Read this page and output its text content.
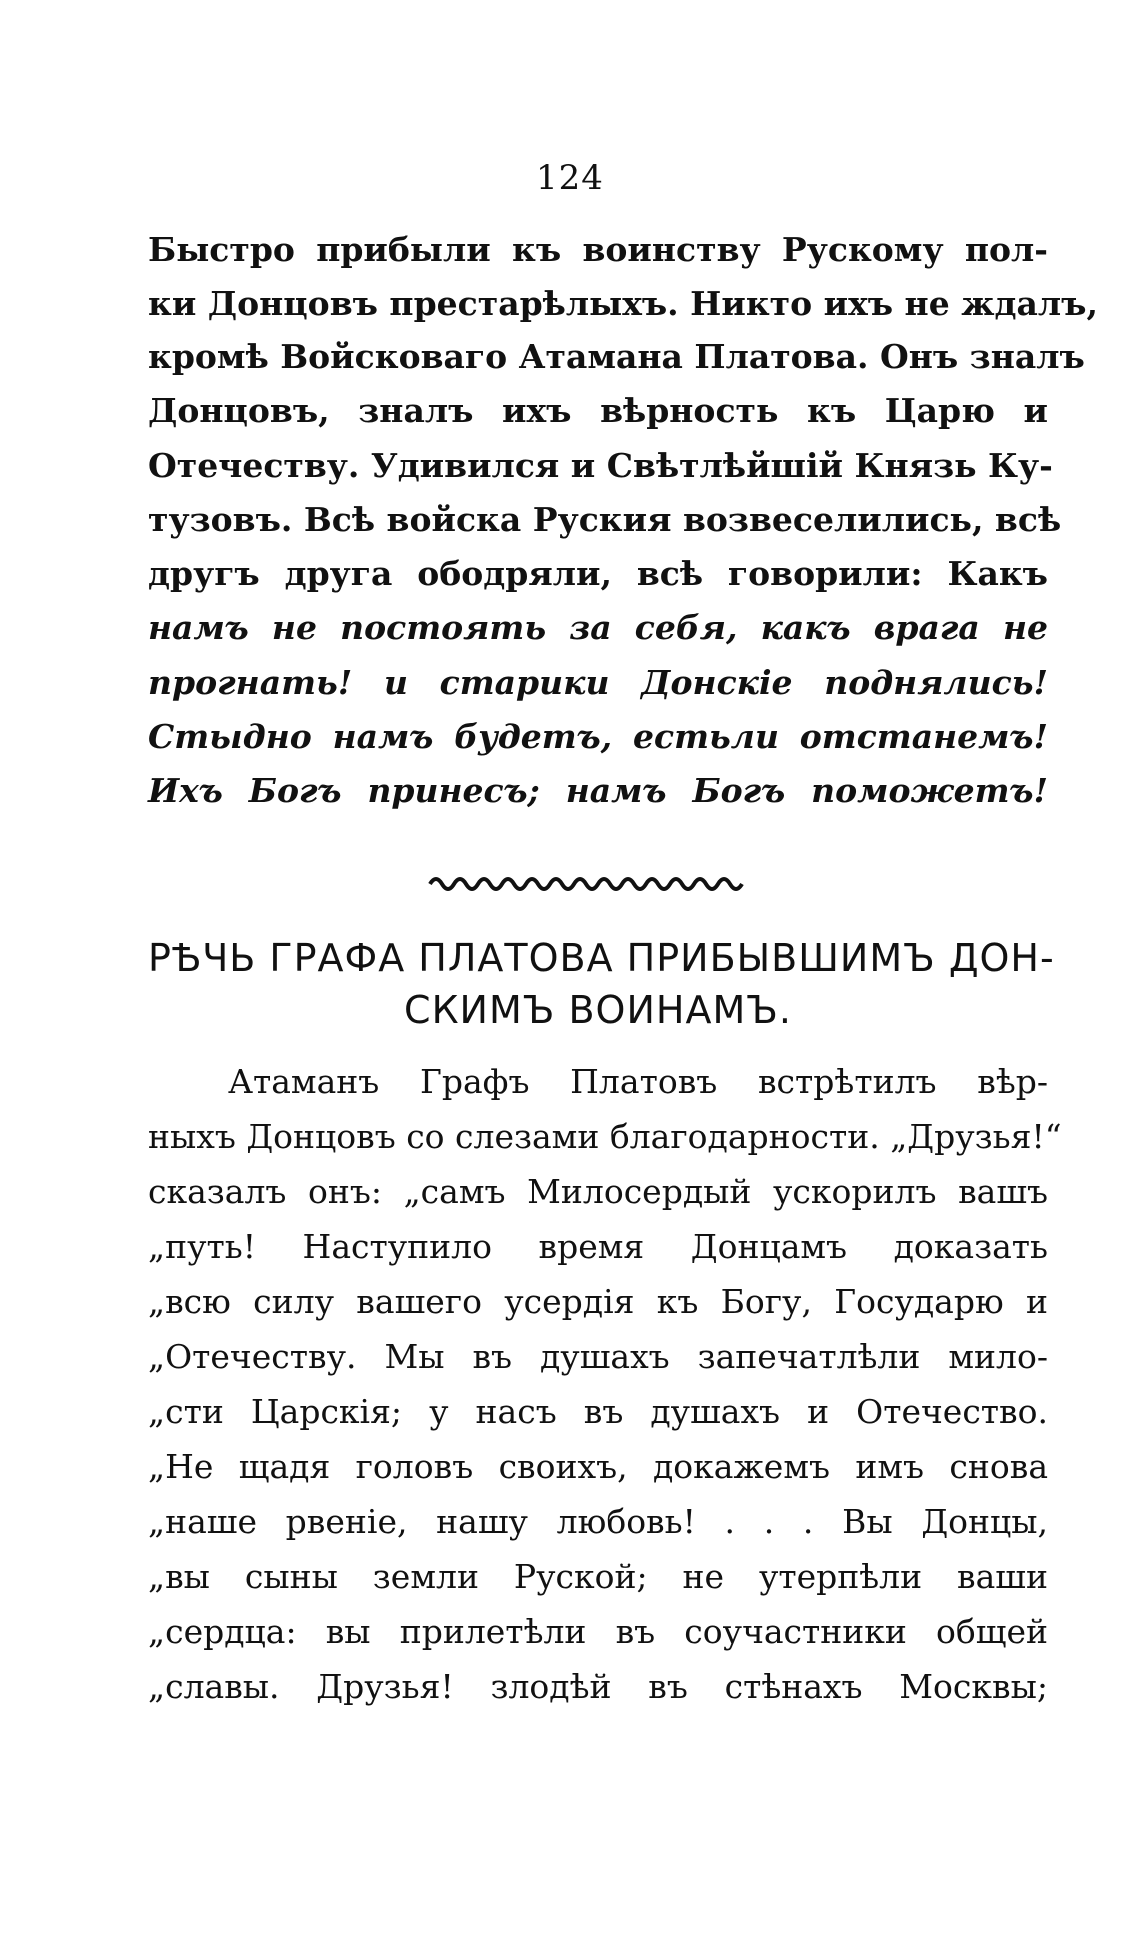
124
Быстро прибыли къ воинству Рускому пол-
ки Донцовъ престарѣлыхъ. Никто ихъ не ждалъ,
кромѣ Войсковаго Атамана Платова. Онъ зналъ
Донцовъ, зналъ ихъ вѣрность къ Царю и
Отечеству. Удивился и Свѣтлѣйшій Князь Ку-
тузовъ. Всѣ войска Руския возвеселились, всѣ
другъ друга ободряли, всѣ говорили: Какъ
намъ не постоять за себя, какъ врага не
прогнать! и старики Донскіе поднялись!
Стыдно намъ будетъ, естьли отстанемъ!
Ихъ Богъ принесъ; намъ Богъ поможетъ!
РѢЧЬ ГРАФА ПЛАТОВА ПРИБЫВШИМЪ ДОН-
СКИМЪ ВОИНАМЪ.
Атаманъ Графъ Платовъ встрѣтилъ вѣр-
ныхъ Донцовъ со слезами благодарности. „Друзья!“
сказалъ онъ: „самъ Милосердый ускорилъ вашъ
„путь! Наступило время Донцамъ доказать
„всю силу вашего усердія къ Богу, Государю и
„Отечеству. Мы въ душахъ запечатлѣли мило-
„сти Царскія; у насъ въ душахъ и Отечество.
„Не щадя головъ своихъ, докажемъ имъ снова
„наше рвеніе, нашу любовь! . . . Вы Донцы,
„вы сыны земли Руской; не утерпѣли ваши
„сердца: вы прилетѣли въ соучастники общей
„славы. Друзья! злодѣй въ стѣнахъ Москвы;
